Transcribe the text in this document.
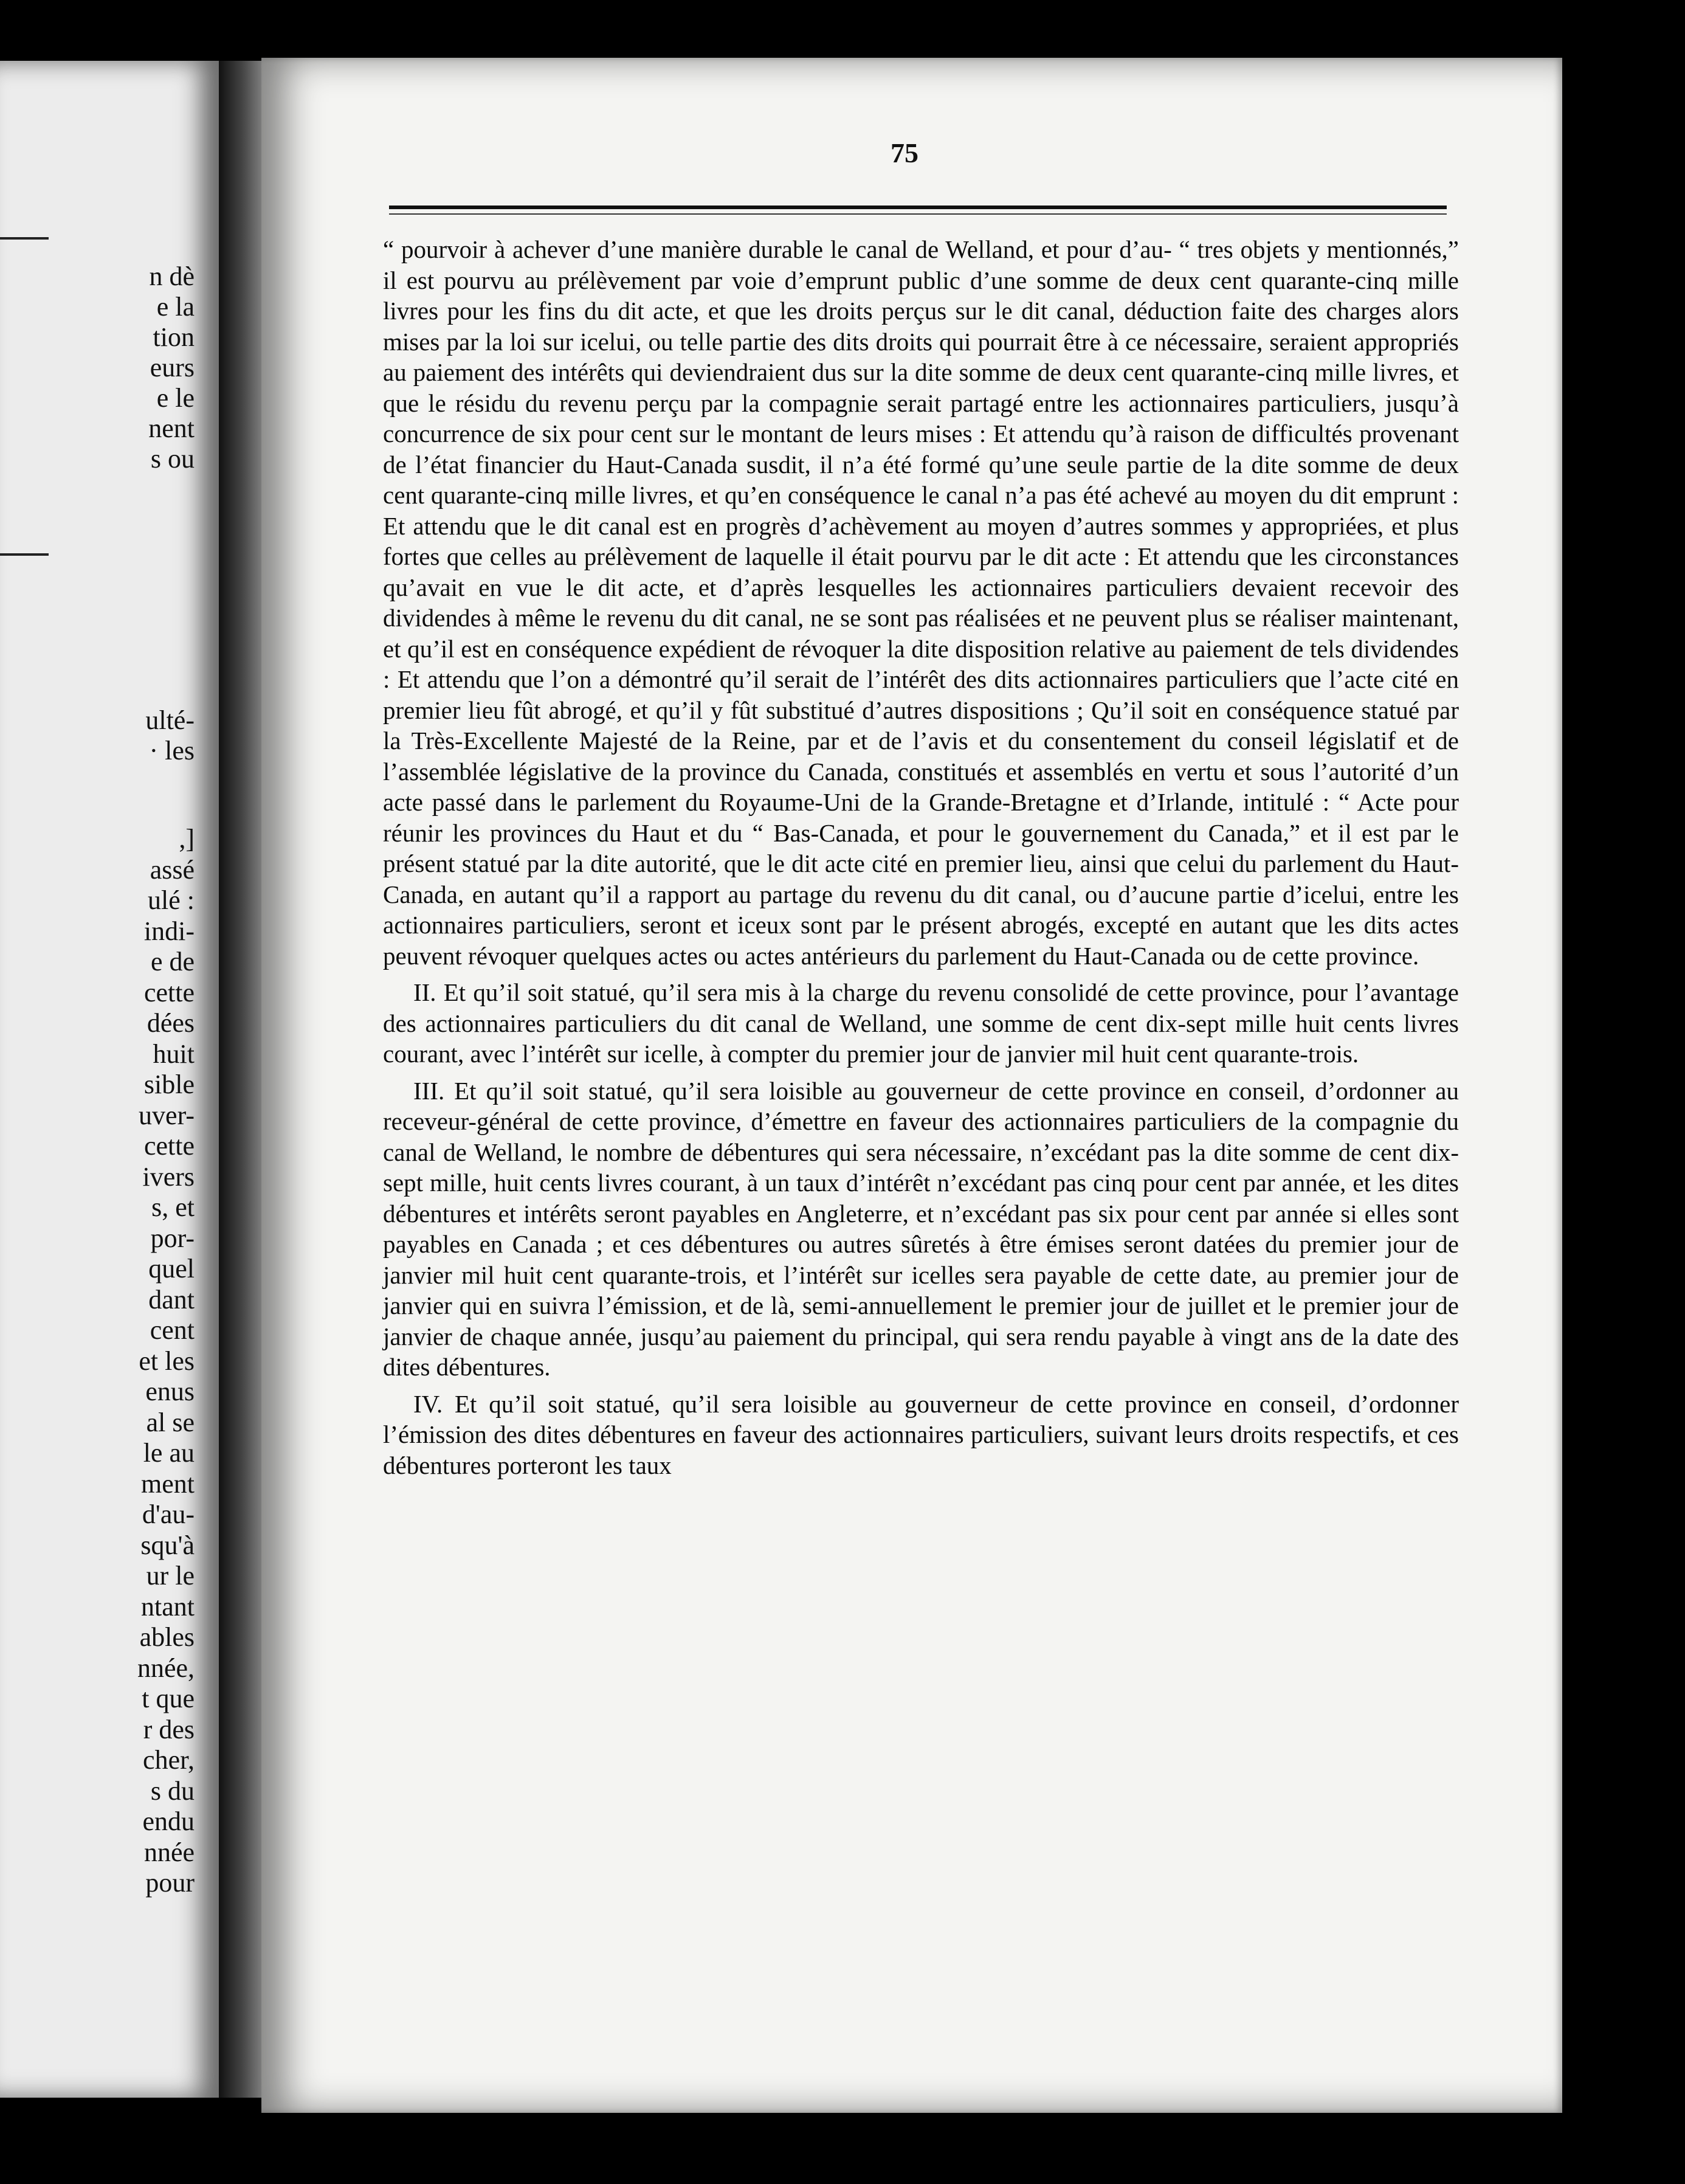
n dè
e la
tion
eurs
e le
nent
s ou
ulté-
· les
,]
assé
ulé :
indi-
e de
cette
dées
huit
sible
uver-
cette
ivers
s, et
por-
quel
dant
cent
et les
enus
al se
le au
ment
d'au-
squ'à
ur le
ntant
ables
nnée,
t que
r des
cher,
s du
endu
nnée
pour
75

“ pourvoir à achever d’une manière durable le canal de Welland, et pour d’au- “ tres objets y mentionnés,” il est pourvu au prélèvement par voie d’emprunt public d’une somme de deux cent quarante-cinq mille livres pour les fins du dit acte, et que les droits perçus sur le dit canal, déduction faite des charges alors mises par la loi sur icelui, ou telle partie des dits droits qui pourrait être à ce nécessaire, seraient appropriés au paiement des intérêts qui deviendraient dus sur la dite somme de deux cent quarante-cinq mille livres, et que le résidu du revenu perçu par la compagnie serait partagé entre les actionnaires particuliers, jusqu’à concurrence de six pour cent sur le montant de leurs mises : Et attendu qu’à raison de difficultés provenant de l’état financier du Haut-Canada susdit, il n’a été formé qu’une seule partie de la dite somme de deux cent quarante-cinq mille livres, et qu’en conséquence le canal n’a pas été achevé au moyen du dit emprunt : Et attendu que le dit canal est en progrès d’achèvement au moyen d’autres sommes y appropriées, et plus fortes que celles au prélèvement de laquelle il était pourvu par le dit acte : Et attendu que les circonstances qu’avait en vue le dit acte, et d’après lesquelles les actionnaires particuliers devaient recevoir des dividendes à même le revenu du dit canal, ne se sont pas réalisées et ne peuvent plus se réaliser maintenant, et qu’il est en conséquence expédient de révoquer la dite disposition relative au paiement de tels dividendes : Et attendu que l’on a démontré qu’il serait de l’intérêt des dits actionnaires particuliers que l’acte cité en premier lieu fût abrogé, et qu’il y fût substitué d’autres dispositions ; Qu’il soit en conséquence statué par la Très-Excellente Majesté de la Reine, par et de l’avis et du consentement du conseil législatif et de l’assemblée législative de la province du Canada, constitués et assemblés en vertu et sous l’autorité d’un acte passé dans le parlement du Royaume-Uni de la Grande-Bretagne et d’Irlande, intitulé : “ Acte pour réunir les provinces du Haut et du “ Bas-Canada, et pour le gouvernement du Canada,” et il est par le présent statué par la dite autorité, que le dit acte cité en premier lieu, ainsi que celui du parlement du Haut-Canada, en autant qu’il a rapport au partage du revenu du dit canal, ou d’aucune partie d’icelui, entre les actionnaires particuliers, seront et iceux sont par le présent abrogés, excepté en autant que les dits actes peuvent révoquer quelques actes ou actes antérieurs du parlement du Haut-Canada ou de cette province.

II. Et qu’il soit statué, qu’il sera mis à la charge du revenu consolidé de cette province, pour l’avantage des actionnaires particuliers du dit canal de Welland, une somme de cent dix-sept mille huit cents livres courant, avec l’intérêt sur icelle, à compter du premier jour de janvier mil huit cent quarante-trois.

III. Et qu’il soit statué, qu’il sera loisible au gouverneur de cette province en conseil, d’ordonner au receveur-général de cette province, d’émettre en faveur des actionnaires particuliers de la compagnie du canal de Welland, le nombre de débentures qui sera nécessaire, n’excédant pas la dite somme de cent dix-sept mille, huit cents livres courant, à un taux d’intérêt n’excédant pas cinq pour cent par année, et les dites débentures et intérêts seront payables en Angleterre, et n’excédant pas six pour cent par année si elles sont payables en Canada ; et ces débentures ou autres sûretés à être émises seront datées du premier jour de janvier mil huit cent quarante-trois, et l’intérêt sur icelles sera payable de cette date, au premier jour de janvier qui en suivra l’émission, et de là, semi-annuellement le premier jour de juillet et le premier jour de janvier de chaque année, jusqu’au paiement du principal, qui sera rendu payable à vingt ans de la date des dites débentures.

IV. Et qu’il soit statué, qu’il sera loisible au gouverneur de cette province en conseil, d’ordonner l’émission des dites débentures en faveur des actionnaires particuliers, suivant leurs droits respectifs, et ces débentures porteront les taux
